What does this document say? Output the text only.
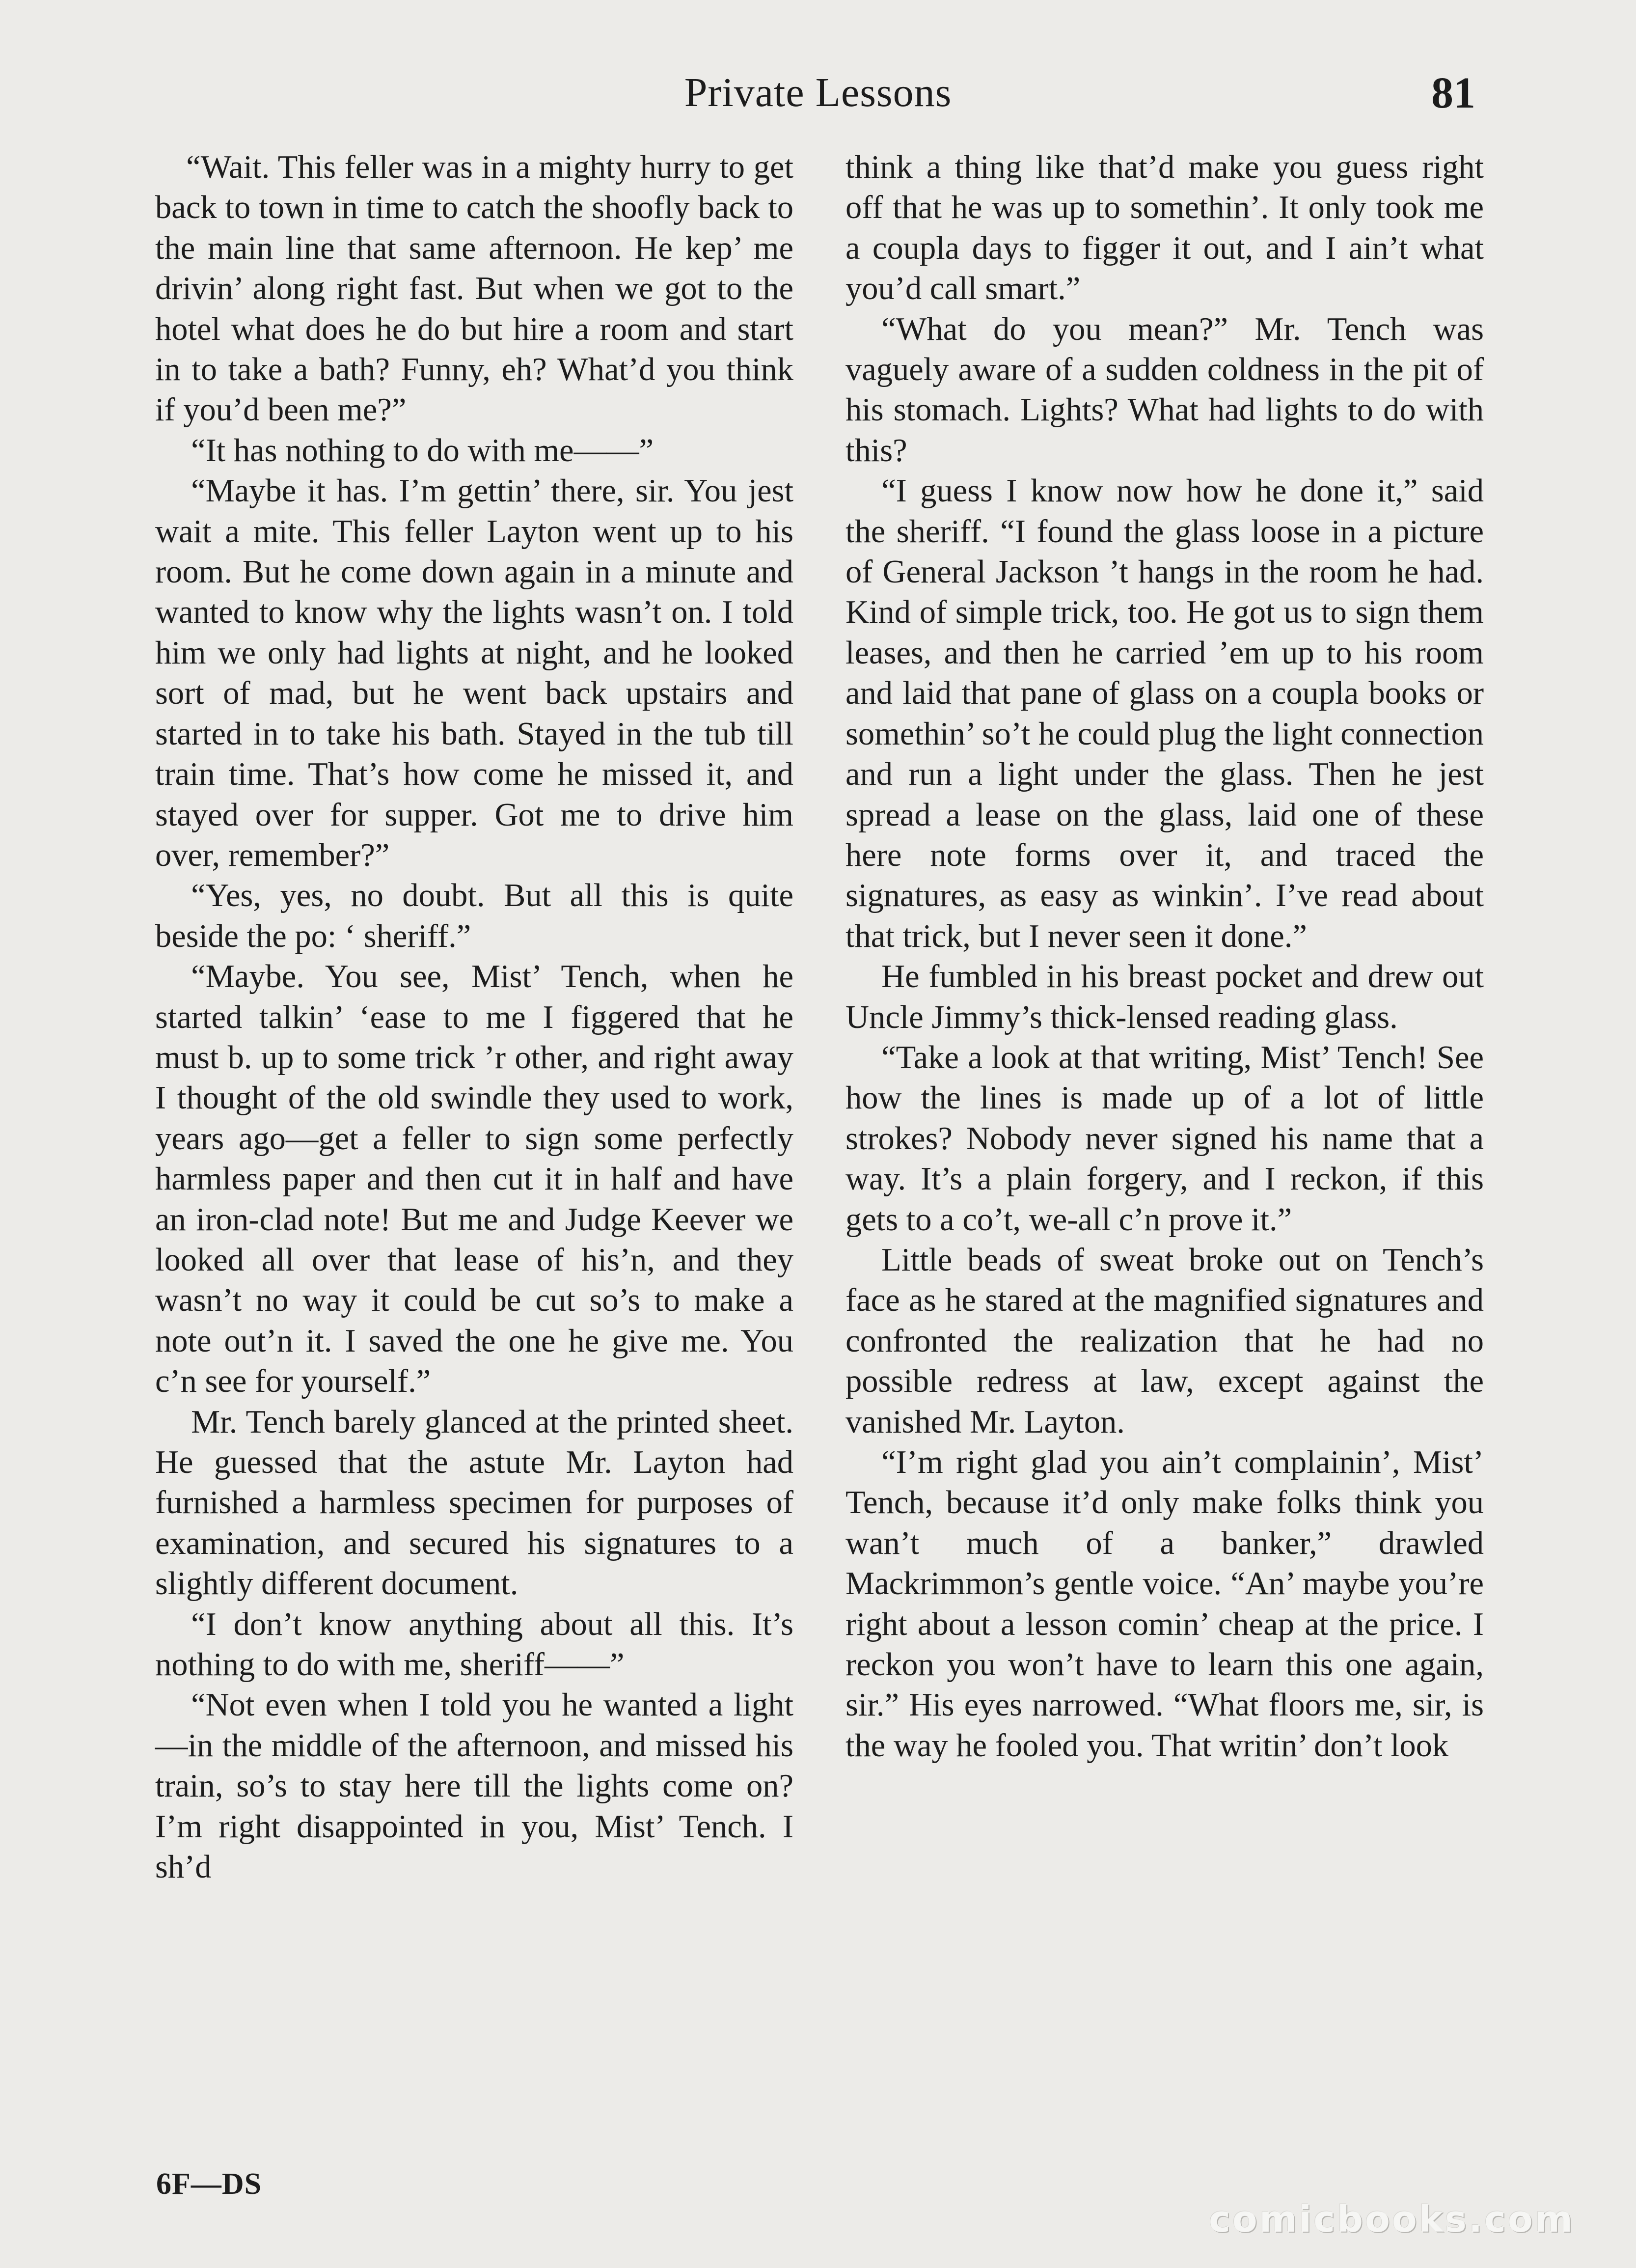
Private Lessons	81

“Wait. This feller was in a mighty hurry to get back to town in time to catch the shoofly back to the main line that same afternoon. He kep’ me drivin’ along right fast. But when we got to the hotel what does he do but hire a room and start in to take a bath? Funny, eh? What’d you think if you’d been me?”

“It has nothing to do with me——”

“Maybe it has. I’m gettin’ there, sir. You jest wait a mite. This feller Layton went up to his room. But he come down again in a minute and wanted to know why the lights wasn’t on. I told him we only had lights at night, and he looked sort of mad, but he went back upstairs and started in to take his bath. Stayed in the tub till train time. That’s how come he missed it, and stayed over for supper. Got me to drive him over, remember?”

“Yes, yes, no doubt. But all this is quite beside the po: ‘ sheriff.”

“Maybe. You see, Mist’ Tench, when he started talkin’ ‘ease to me I figgered that he must b. up to some trick ’r other, and right away I thought of the old swindle they used to work, years ago—get a feller to sign some perfectly harmless paper and then cut it in half and have an iron-clad note! But me and Judge Keever we looked all over that lease of his’n, and they wasn’t no way it could be cut so’s to make a note out’n it. I saved the one he give me. You c’n see for yourself.”

Mr. Tench barely glanced at the printed sheet. He guessed that the astute Mr. Layton had furnished a harmless specimen for purposes of examination, and secured his signatures to a slightly different document.

“I don’t know anything about all this. It’s nothing to do with me, sheriff——”

“Not even when I told you he wanted a light—in the middle of the afternoon, and missed his train, so’s to stay here till the lights come on? I’m right disappointed in you, Mist’ Tench. I sh’d

think a thing like that’d make you guess right off that he was up to somethin’. It only took me a coupla days to figger it out, and I ain’t what you’d call smart.”

“What do you mean?” Mr. Tench was vaguely aware of a sudden coldness in the pit of his stomach. Lights? What had lights to do with this?

“I guess I know now how he done it,” said the sheriff. “I found the glass loose in a picture of General Jackson ’t hangs in the room he had. Kind of simple trick, too. He got us to sign them leases, and then he carried ’em up to his room and laid that pane of glass on a coupla books or somethin’ so’t he could plug the light connection and run a light under the glass. Then he jest spread a lease on the glass, laid one of these here note forms over it, and traced the signatures, as easy as winkin’. I’ve read about that trick, but I never seen it done.”

He fumbled in his breast pocket and drew out Uncle Jimmy’s thick-lensed reading glass.

“Take a look at that writing, Mist’ Tench! See how the lines is made up of a lot of little strokes? Nobody never signed his name that a way. It’s a plain forgery, and I reckon, if this gets to a co’t, we-all c’n prove it.”

Little beads of sweat broke out on Tench’s face as he stared at the magnified signatures and confronted the realization that he had no possible redress at law, except against the vanished Mr. Layton.

“I’m right glad you ain’t complainin’, Mist’ Tench, because it’d only make folks think you wan’t much of a banker,” drawled Mackrimmon’s gentle voice. “An’ maybe you’re right about a lesson comin’ cheap at the price. I reckon you won’t have to learn this one again, sir.” His eyes narrowed. “What floors me, sir, is the way he fooled you. That writin’ don’t look

6F—DS
comicbooks.com
